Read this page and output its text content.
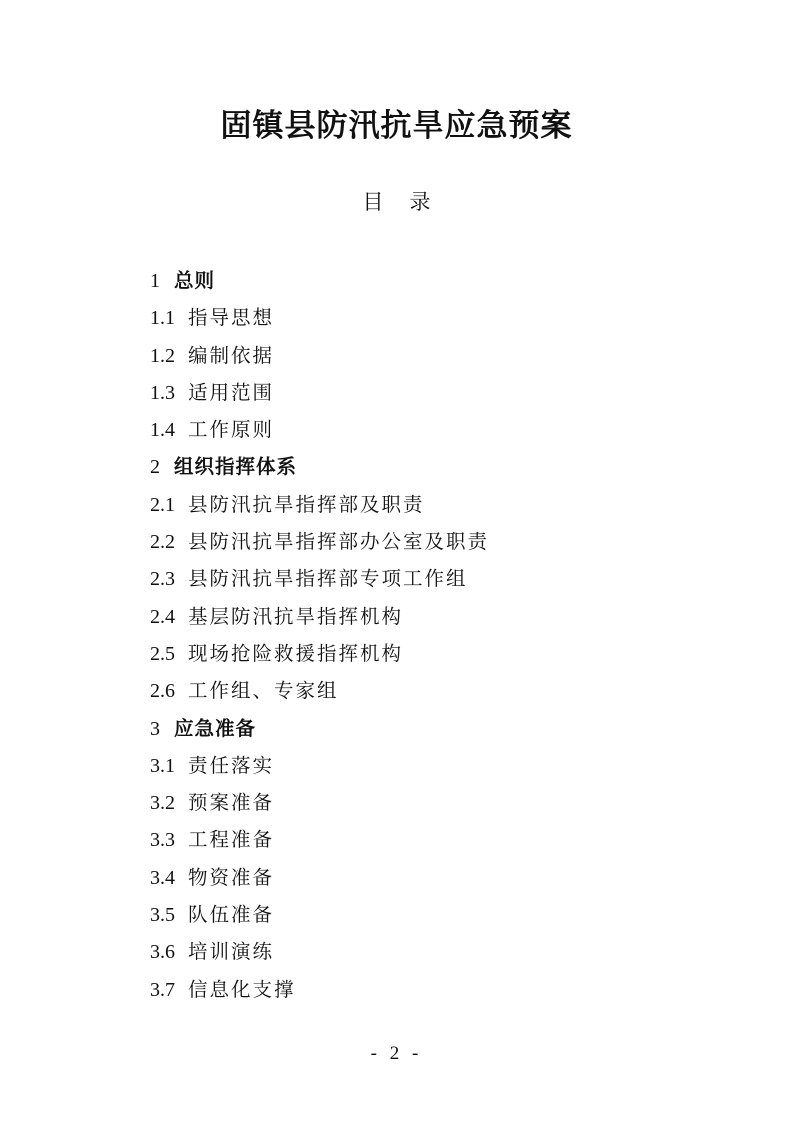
固镇县防汛抗旱应急预案
目 录
1 总则
1.1 指导思想
1.2 编制依据
1.3 适用范围
1.4 工作原则
2 组织指挥体系
2.1 县防汛抗旱指挥部及职责
2.2 县防汛抗旱指挥部办公室及职责
2.3 县防汛抗旱指挥部专项工作组
2.4 基层防汛抗旱指挥机构
2.5 现场抢险救援指挥机构
2.6 工作组、专家组
3 应急准备
3.1 责任落实
3.2 预案准备
3.3 工程准备
3.4 物资准备
3.5 队伍准备
3.6 培训演练
3.7 信息化支撑
- 2 -
